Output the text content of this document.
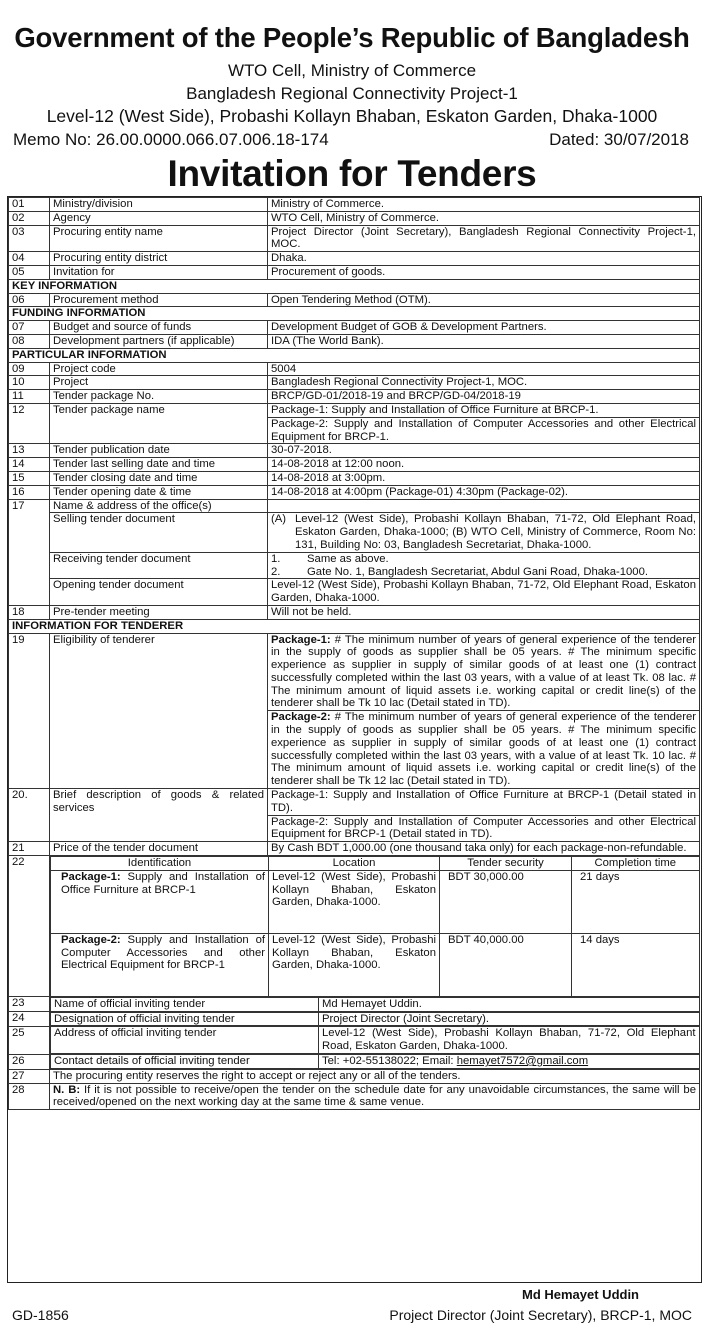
Government of the People’s Republic of Bangladesh
WTO Cell, Ministry of Commerce
Bangladesh Regional Connectivity Project-1
Level-12 (West Side), Probashi Kollayn Bhaban, Eskaton Garden, Dhaka-1000
Memo No: 26.00.0000.066.07.006.18-174	Dated: 30/07/2018
Invitation for Tenders
01	Ministry/division	Ministry of Commerce.
02	Agency	WTO Cell, Ministry of Commerce.
03	Procuring entity name	Project Director (Joint Secretary), Bangladesh Regional Connectivity Project-1, MOC.
04	Procuring entity district	Dhaka.
05	Invitation for	Procurement of goods.
KEY INFORMATION
06	Procurement method	Open Tendering Method (OTM).
FUNDING INFORMATION
07	Budget and source of funds	Development Budget of GOB & Development Partners.
08	Development partners (if applicable)	IDA (The World Bank).
PARTICULAR INFORMATION
09	Project code	5004
10	Project	Bangladesh Regional Connectivity Project-1, MOC.
11	Tender package No.	BRCP/GD-01/2018-19 and BRCP/GD-04/2018-19
12	Tender package name	Package-1: Supply and Installation of Office Furniture at BRCP-1.
Package-2: Supply and Installation of Computer Accessories and other Electrical Equipment for BRCP-1.
13	Tender publication date	30-07-2018.
14	Tender last selling date and time	14-08-2018 at 12:00 noon.
15	Tender closing date and time	14-08-2018 at 3:00pm.
16	Tender opening date & time	14-08-2018 at 4:00pm (Package-01) 4:30pm (Package-02).
17	Name & address of the office(s)	
Selling tender document		(A)	Level-12 (West Side), Probashi Kollayn Bhaban, 71-72, Old Elephant Road, Eskaton Garden, Dhaka-1000; (B) WTO Cell, Ministry of Commerce, Room No: 131, Building No: 03, Bangladesh Secretariat, Dhaka-1000.

Receiving tender document		1.	Same as above.
2.	Gate No. 1, Bangladesh Secretariat, Abdul Gani Road, Dhaka-1000.

Opening tender document	Level-12 (West Side), Probashi Kollayn Bhaban, 71-72, Old Elephant Road, Eskaton Garden, Dhaka-1000.
18	Pre-tender meeting	Will not be held.
INFORMATION FOR TENDERER
19	Eligibility of tenderer	Package-1: # The minimum number of years of general experience of the tenderer in the supply of goods as supplier shall be 05 years. # The minimum specific experience as supplier in supply of similar goods of at least one (1) contract successfully completed within the last 03 years, with a value of at least Tk. 08 lac. # The minimum amount of liquid assets i.e. working capital or credit line(s) of the tenderer shall be Tk 10 lac (Detail stated in TD).
Package-2: # The minimum number of years of general experience of the tenderer in the supply of goods as supplier shall be 05 years. # The minimum specific experience as supplier in supply of similar goods of at least one (1) contract successfully completed within the last 03 years, with a value of at least Tk. 10 lac. # The minimum amount of liquid assets i.e. working capital or credit line(s) of the tenderer shall be Tk 12 lac (Detail stated in TD).
20.	Brief description of goods & related services	Package-1: Supply and Installation of Office Furniture at BRCP-1 (Detail stated in TD).
Package-2: Supply and Installation of Computer Accessories and other Electrical Equipment for BRCP-1 (Detail stated in TD).
21	Price of the tender document	By Cash BDT 1,000.00 (one thousand taka only) for each package-non-refundable.
22		Identification	Location	Tender security	Completion time
Package-1: Supply and Installation of Office Furniture at BRCP-1	Level-12 (West Side), Probashi Kollayn Bhaban, Eskaton Garden, Dhaka-1000.	BDT 30,000.00	21 days
Package-2: Supply and Installation of Computer Accessories and other Electrical Equipment for BRCP-1	Level-12 (West Side), Probashi Kollayn Bhaban, Eskaton Garden, Dhaka-1000.	BDT 40,000.00	14 days

23		Name of official inviting tender	Md Hemayet Uddin.

24		Designation of official inviting tender	Project Director (Joint Secretary).

25		Address of official inviting tender	Level-12 (West Side), Probashi Kollayn Bhaban, 71-72, Old Elephant Road, Eskaton Garden, Dhaka-1000.

26		Contact details of official inviting tender	Tel: +02-55138022; Email: hemayet7572@gmail.com

27	The procuring entity reserves the right to accept or reject any or all of the tenders.
28	N. B: If it is not possible to receive/open the tender on the schedule date for any unavoidable circumstances, the same will be received/opened on the next working day at the same time & same venue.
Md Hemayet Uddin
GD-1856	Project Director (Joint Secretary), BRCP-1, MOC
